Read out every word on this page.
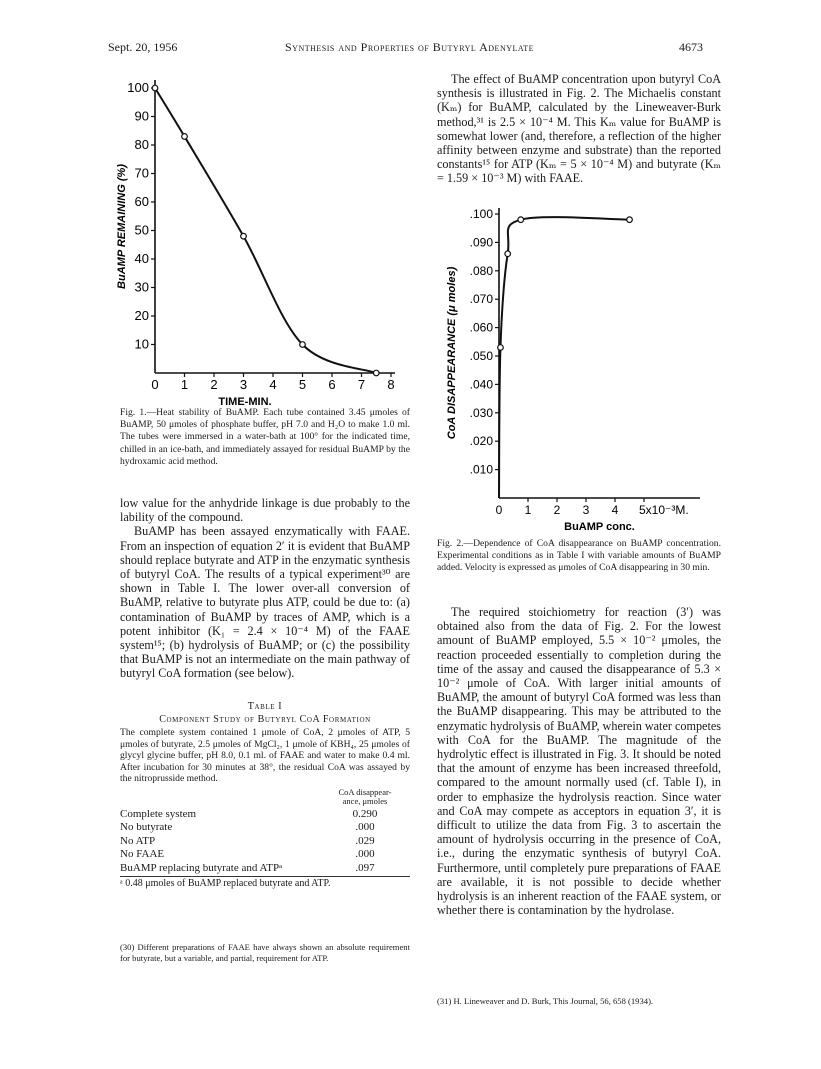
Sept. 20, 1956	Synthesis and Properties of Butyryl Adenylate	4673
10
20
30
40
50
60
70
80
90
100
0 1 2 3 4 5 6 7 8
TIME-MIN.
BuAMP REMAINING (%)
Fig. 1.—Heat stability of BuAMP. Each tube contained 3.45 μmoles of BuAMP, 50 μmoles of phosphate buffer, pH 7.0 and H₂O to make 1.0 ml. The tubes were immersed in a water-bath at 100° for the indicated time, chilled in an ice-bath, and immediately assayed for residual BuAMP by the hydroxamic acid method.

low value for the anhydride linkage is due probably to the lability of the compound.

BuAMP has been assayed enzymatically with FAAE. From an inspection of equation 2′ it is evident that BuAMP should replace butyrate and ATP in the enzymatic synthesis of butyryl CoA. The results of a typical experiment³⁰ are shown in Table I. The lower over-all conversion of BuAMP, relative to butyrate plus ATP, could be due to: (a) contamination of BuAMP by traces of AMP, which is a potent inhibitor (K₁ = 2.4 × 10⁻⁴ M) of the FAAE system¹⁵; (b) hydrolysis of BuAMP; or (c) the possibility that BuAMP is not an intermediate on the main pathway of butyryl CoA formation (see below).

Table I
Component Study of Butyryl CoA Formation
The complete system contained 1 μmole of CoA, 2 μmoles of ATP, 5 μmoles of butyrate, 2.5 μmoles of MgCl₂, 1 μmole of KBH₄, 25 μmoles of glycyl glycine buffer, pH 8.0, 0.1 ml. of FAAE and water to make 0.4 ml. After incubation for 30 minutes at 38°, the residual CoA was assayed by the nitroprusside method.

	CoA disappear-
ance, μmoles

Complete system	0.290
No butyrate	.000
No ATP	.029
No FAAE	.000
BuAMP replacing butyrate and ATPᵃ	.097
ᵃ 0.48 μmoles of BuAMP replaced butyrate and ATP.
(30) Different preparations of FAAE have always shown an absolute requirement for butyrate, but a variable, and partial, requirement for ATP.
The effect of BuAMP concentration upon butyryl CoA synthesis is illustrated in Fig. 2. The Michaelis constant (Kₘ) for BuAMP, calculated by the Lineweaver-Burk method,³¹ is 2.5 × 10⁻⁴ M. This Kₘ value for BuAMP is somewhat lower (and, therefore, a reflection of the higher affinity between enzyme and substrate) than the reported constants¹⁵ for ATP (Kₘ = 5 × 10⁻⁴ M) and butyrate (Kₘ = 1.59 × 10⁻³ M) with FAAE.
.010
.020
.030
.040
.050
.060
.070
.080
.090
.100
0 1 2 3 4 5x10⁻³M.
BuAMP conc.
CoA DISAPPEARANCE (μ moles)
Fig. 2.—Dependence of CoA disappearance on BuAMP concentration. Experimental conditions as in Table I with variable amounts of BuAMP added. Velocity is expressed as μmoles of CoA disappearing in 30 min.
The required stoichiometry for reaction (3′) was obtained also from the data of Fig. 2. For the lowest amount of BuAMP employed, 5.5 × 10⁻² μmoles, the reaction proceeded essentially to completion during the time of the assay and caused the disappearance of 5.3 × 10⁻² μmole of CoA. With larger initial amounts of BuAMP, the amount of butyryl CoA formed was less than the BuAMP disappearing. This may be attributed to the enzymatic hydrolysis of BuAMP, wherein water competes with CoA for the BuAMP. The magnitude of the hydrolytic effect is illustrated in Fig. 3. It should be noted that the amount of enzyme has been increased threefold, compared to the amount normally used (cf. Table I), in order to emphasize the hydrolysis reaction. Since water and CoA may compete as acceptors in equation 3′, it is difficult to utilize the data from Fig. 3 to ascertain the amount of hydrolysis occurring in the presence of CoA, i.e., during the enzymatic synthesis of butyryl CoA. Furthermore, until completely pure preparations of FAAE are available, it is not possible to decide whether hydrolysis is an inherent reaction of the FAAE system, or whether there is contamination by the hydrolase.
(31) H. Lineweaver and D. Burk, This Journal, 56, 658 (1934).
